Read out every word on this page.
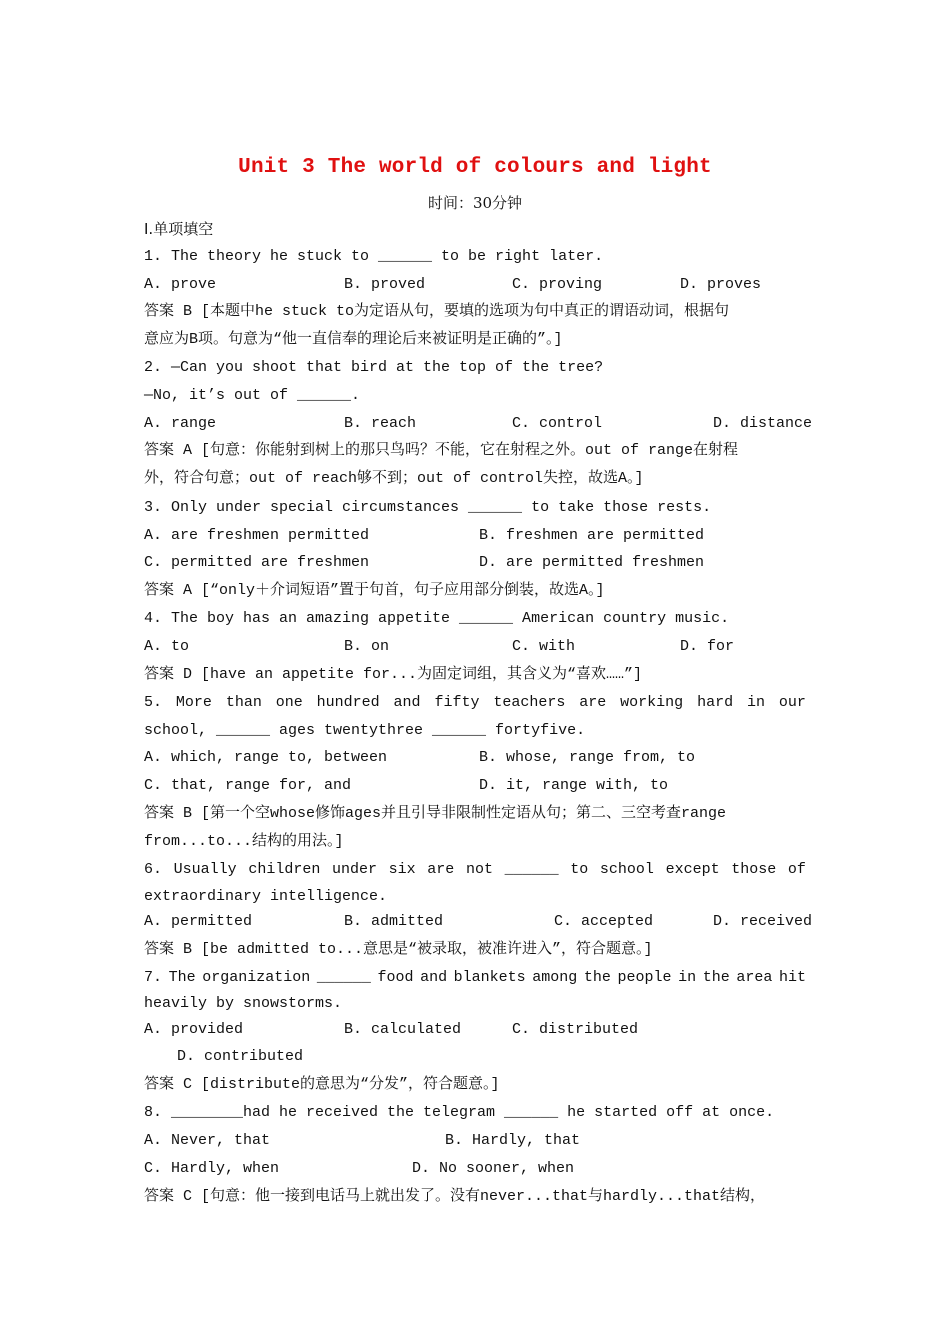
Unit 3 The world of colours and light
时间：30分钟
Ⅰ.单项填空
1. The theory he stuck to ______ to be right later.
A. prove	B. proved	C. proving	D. proves
答案 B [本题中he stuck to为定语从句，要填的选项为句中真正的谓语动词，根据句
意应为B项。句意为“他一直信奉的理论后来被证明是正确的”。]
2. —Can you shoot that bird at the top of the tree?
—No, it’s out of ______.
A. range	B. reach	C. control	D. distance
答案 A [句意：你能射到树上的那只鸟吗？不能，它在射程之外。out of range在射程
外，符合句意；out of reach够不到；out of control失控，故选A。]
3. Only under special circumstances ______ to take those rests.
A. are freshmen permitted	B. freshmen are permitted
C. permitted are freshmen	D. are permitted freshmen
答案 A [“only＋介词短语”置于句首，句子应用部分倒装，故选A。]
4. The boy has an amazing appetite ______ American country music.
A. to	B. on	C. with	D. for
答案 D [have an appetite for...为固定词组，其含义为“喜欢……”]
5. More than one hundred and fifty teachers are working hard in our
school, ______ ages twentythree ______ fortyfive.
A. which, range to, between	B. whose, range from, to
C. that, range for, and	D. it, range with, to
答案 B [第一个空whose修饰ages并且引导非限制性定语从句；第二、三空考查range
from...to...结构的用法。]
6. Usually children under six are not ______ to school except those of
extraordinary intelligence.
A. permitted	B. admitted	C. accepted	D. received
答案 B [be admitted to...意思是“被录取，被准许进入”，符合题意。]
7. The organization ______ food and blankets among the people in the area hit
heavily by snowstorms.
A. provided	B. calculated	C. distributed
D. contributed
答案 C [distribute的意思为“分发”，符合题意。]
8. ________had he received the telegram ______ he started off at once.
A. Never, that	B. Hardly, that
C. Hardly, when	D. No sooner, when
答案 C [句意：他一接到电话马上就出发了。没有never...that与hardly...that结构，
